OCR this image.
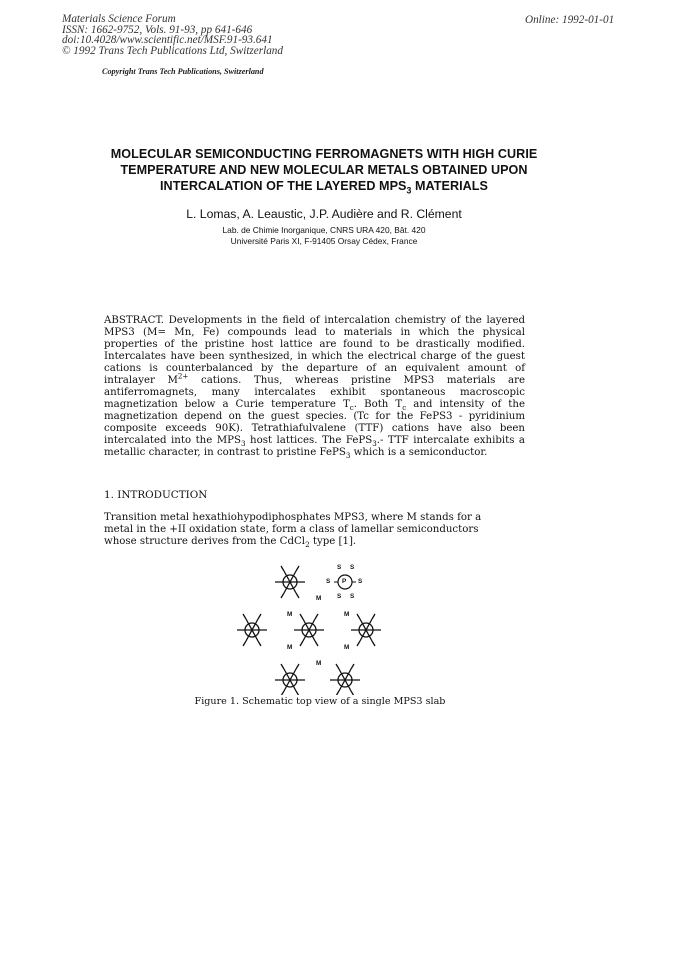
Materials Science Forum
ISSN: 1662-9752, Vols. 91-93, pp 641-646
doi:10.4028/www.scientific.net/MSF.91-93.641
© 1992 Trans Tech Publications Ltd, Switzerland
Online: 1992-01-01
Copyright Trans Tech Publications, Switzerland
MOLECULAR SEMICONDUCTING FERROMAGNETS WITH HIGH CURIE
TEMPERATURE AND NEW MOLECULAR METALS OBTAINED UPON
INTERCALATION OF THE LAYERED $MPS_3$ MATERIALS
L. Lomas, A. Leaustic, J.P. Audière and R. Clément
Lab. de Chimie Inorganique, CNRS URA 420, Bât. 420
Université Paris XI, F-91405 Orsay Cédex, France
ABSTRACT. Developments in the field of intercalation chemistry of the layered
MPS3 (M= Mn, Fe) compounds lead to materials in which the physical
properties of the pristine host lattice are found to be drastically modified.
Intercalates have been synthesized, in which the electrical charge of the guest
cations is counterbalanced by the departure of an equivalent amount of
intralayer $M^{2+}$ cations. Thus, whereas pristine MPS3 materials are
antiferromagnets, many intercalates exhibit spontaneous macroscopic
magnetization below a Curie temperature $T_c$. Both $T_c$ and intensity of the
magnetization depend on the guest species. (Tc for the FePS3 - pyridinium
composite exceeds 90K). Tetrathiafulvalene (TTF) cations have also been
intercalated into the $MPS_3$ host lattices. The FePS$_3$.- TTF intercalate exhibits a
metallic character, in contrast to pristine FePS$_3$ which is a semiconductor.
1. INTRODUCTION
Transition metal hexathiohypodiphosphates MPS3, where M stands for a
metal in the +II oxidation state, form a class of lamellar semiconductors
whose structure derives from the CdCl$_2$ type [1].
S S
S P S
S S
M
M	M
M	M
M
Figure 1. Schematic top view of a single MPS3 slab
